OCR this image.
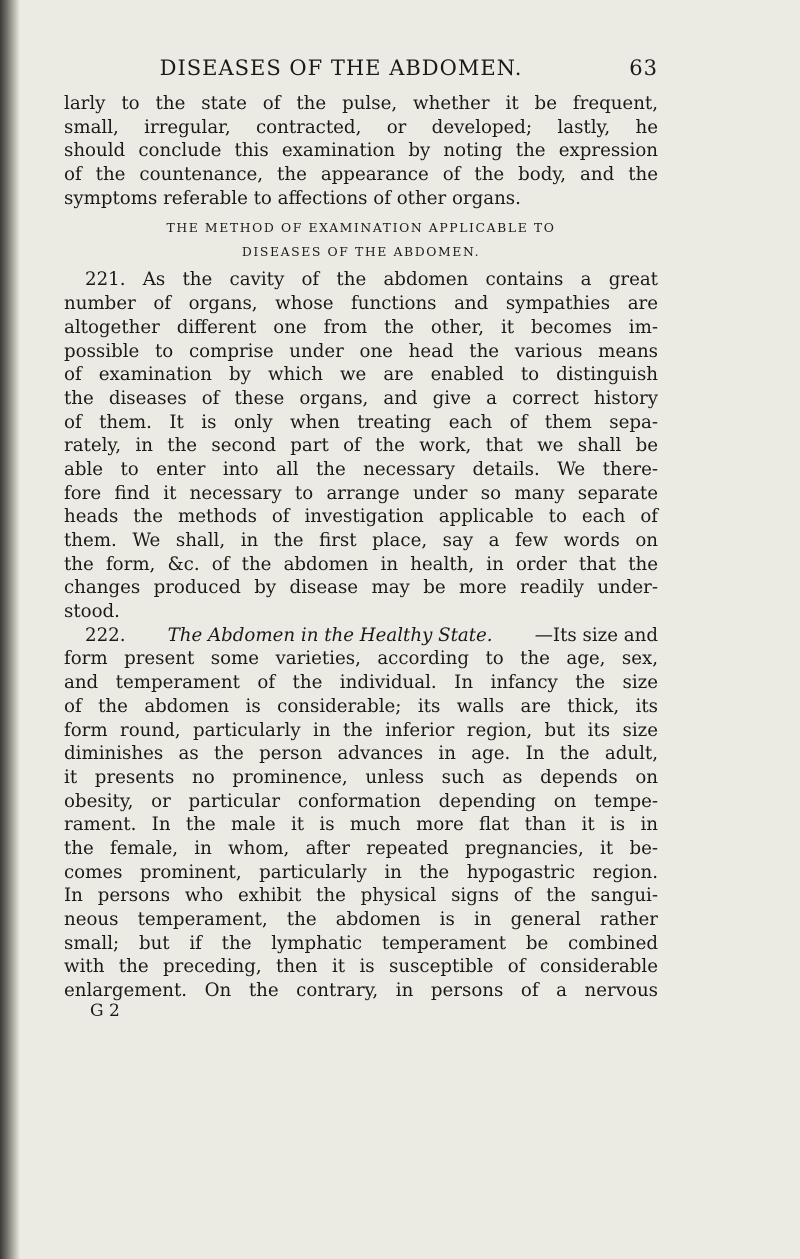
DISEASES OF THE ABDOMEN.	63
larly to the state of the pulse, whether it be frequent,
small, irregular, contracted, or developed; lastly, he
should conclude this examination by noting the expression
of the countenance, the appearance of the body, and the
symptoms referable to affections of other organs.
THE METHOD OF EXAMINATION APPLICABLE TO
DISEASES OF THE ABDOMEN.
221. As the cavity of the abdomen contains a great
number of organs, whose functions and sympathies are
altogether different one from the other, it becomes im-
possible to comprise under one head the various means
of examination by which we are enabled to distinguish
the diseases of these organs, and give a correct history
of them. It is only when treating each of them sepa-
rately, in the second part of the work, that we shall be
able to enter into all the necessary details. We there-
fore find it necessary to arrange under so many separate
heads the methods of investigation applicable to each of
them. We shall, in the first place, say a few words on
the form, &c. of the abdomen in health, in order that the
changes produced by disease may be more readily under-
stood.
222. The Abdomen in the Healthy State. —Its size and
form present some varieties, according to the age, sex,
and temperament of the individual. In infancy the size
of the abdomen is considerable; its walls are thick, its
form round, particularly in the inferior region, but its size
diminishes as the person advances in age. In the adult,
it presents no prominence, unless such as depends on
obesity, or particular conformation depending on tempe-
rament. In the male it is much more flat than it is in
the female, in whom, after repeated pregnancies, it be-
comes prominent, particularly in the hypogastric region.
In persons who exhibit the physical signs of the sangui-
neous temperament, the abdomen is in general rather
small; but if the lymphatic temperament be combined
with the preceding, then it is susceptible of considerable
enlargement. On the contrary, in persons of a nervous
G 2
